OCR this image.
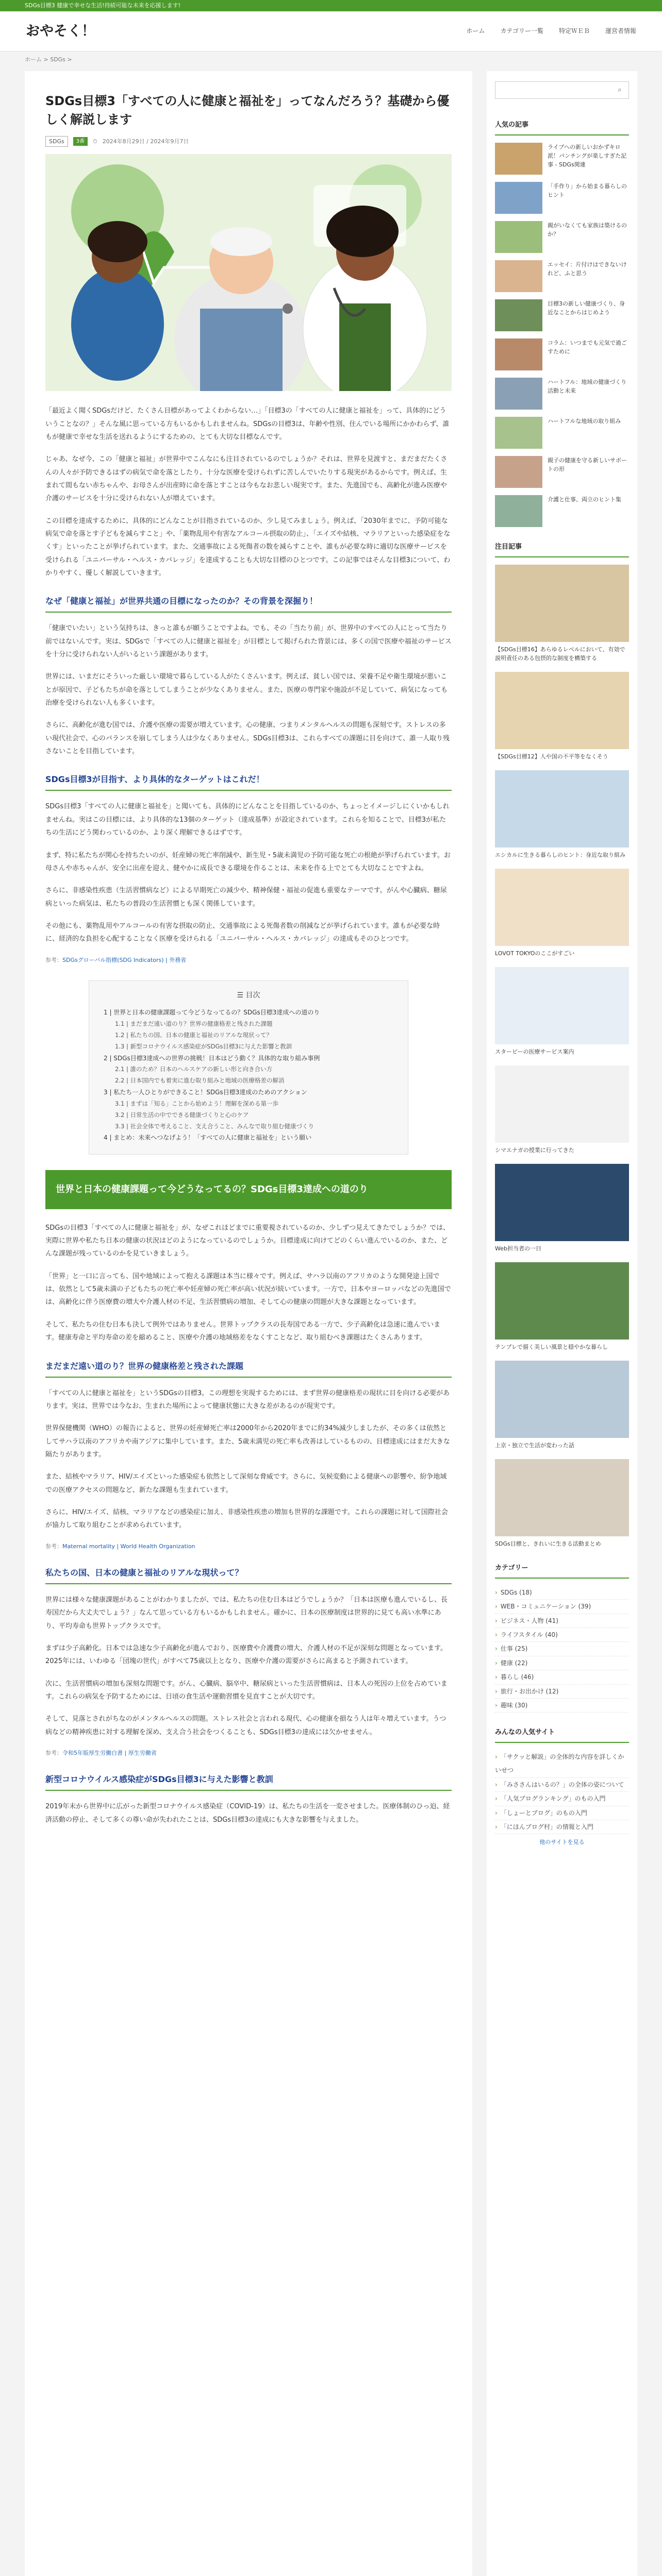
SDGs目標3 健康で幸せな生活!持続可能な未来を応援します!
おやそく！	ホーム	カテゴリー一覧	特定ＷＥＢ	運営者情報
ホーム > SDGs >
SDGs目標3「すべての人に健康と福祉を」ってなんだろう？基礎から優しく解説します
SDGs	3番	⏱ 2024年8月29日 / 2024年9月7日

「最近よく聞くSDGsだけど、たくさん目標があってよくわからない…」「目標3の「すべての人に健康と福祉を」って、具体的にどういうことなの？」そんな風に思っている方もいるかもしれませんね。SDGsの目標3は、年齢や性別、住んでいる場所にかかわらず、誰もが健康で幸せな生活を送れるようにするための、とても大切な目標なんです。

じゃあ、なぜ今、この「健康と福祉」が世界中でこんなにも注目されているのでしょうか？それは、世界を見渡すと、まだまだたくさんの人々が予防できるはずの病気で命を落としたり、十分な医療を受けられずに苦しんでいたりする現実があるからです。例えば、生まれて間もない赤ちゃんや、お母さんが出産時に命を落とすことは今もなお悲しい現実です。また、先進国でも、高齢化が進み医療や介護のサービスを十分に受けられない人が増えています。

この目標を達成するために、具体的にどんなことが目指されているのか、少し見てみましょう。例えば、「2030年までに、予防可能な病気で命を落とす子どもを減らすこと」や、「薬物乱用や有害なアルコール摂取の防止」、「エイズや結核、マラリアといった感染症をなくす」といったことが挙げられています。また、交通事故による死傷者の数を減らすことや、誰もが必要な時に適切な医療サービスを受けられる「ユニバーサル・ヘルス・カバレッジ」を達成することも大切な目標のひとつです。この記事ではそんな目標3について、わかりやすく、優しく解説していきます。

なぜ「健康と福祉」が世界共通の目標になったのか？その背景を深掘り！

「健康でいたい」という気持ちは、きっと誰もが願うことですよね。でも、その「当たり前」が、世界中のすべての人にとって当たり前ではないんです。実は、SDGsで「すべての人に健康と福祉を」が目標として掲げられた背景には、多くの国で医療や福祉のサービスを十分に受けられない人がいるという課題があります。

世界には、いまだにそういった厳しい環境で暮らしている人がたくさんいます。例えば、貧しい国では、栄養不足や衛生環境が悪いことが原因で、子どもたちが命を落としてしまうことが少なくありません。また、医療の専門家や施設が不足していて、病気になっても治療を受けられない人も多くいます。

さらに、高齢化が進む国では、介護や医療の需要が増えています。心の健康、つまりメンタルヘルスの問題も深刻です。ストレスの多い現代社会で、心のバランスを崩してしまう人は少なくありません。SDGs目標3は、これらすべての課題に目を向けて、誰一人取り残さないことを目指しています。

SDGs目標3が目指す、より具体的なターゲットはこれだ！

SDGs目標3「すべての人に健康と福祉を」と聞いても、具体的にどんなことを目指しているのか、ちょっとイメージしにくいかもしれませんね。実はこの目標には、より具体的な13個のターゲット（達成基準）が設定されています。これらを知ることで、目標3が私たちの生活にどう関わっているのか、より深く理解できるはずです。

まず、特に私たちが関心を持ちたいのが、妊産婦の死亡率削減や、新生児・5歳未満児の予防可能な死亡の根絶が挙げられています。お母さんや赤ちゃんが、安全に出産を迎え、健やかに成長できる環境を作ることは、未来を作る上でとても大切なことですよね。

さらに、非感染性疾患（生活習慣病など）による早期死亡の減少や、精神保健・福祉の促進も重要なテーマです。がんや心臓病、糖尿病といった病気は、私たちの普段の生活習慣とも深く関係しています。

その他にも、薬物乱用やアルコールの有害な摂取の防止、交通事故による死傷者数の削減などが挙げられています。誰もが必要な時に、経済的な負担を心配することなく医療を受けられる「ユニバーサル・ヘルス・カバレッジ」の達成もそのひとつです。

参考：SDGsグローバル指標(SDG Indicators) | 外務省
☰ 目次
1 | 世界と日本の健康課題って今どうなってるの？SDGs目標3達成への道のり
1.1 | まだまだ遠い道のり？世界の健康格差と残された課題
1.2 | 私たちの国、日本の健康と福祉のリアルな現状って？
1.3 | 新型コロナウイルス感染症がSDGs目標3に与えた影響と教訓
2 | SDGs目標3達成への世界の挑戦！日本はどう動く？具体的な取り組み事例
2.1 | 誰のため？日本のヘルスケアの新しい形と向き合い方
2.2 | 日本国内でも着実に進む取り組みと地域の医療格差の解消
3 | 私たち一人ひとりができること！SDGs目標3達成のためのアクション
3.1 | まずは「知る」ことから始めよう！理解を深める第一歩
3.2 | 日常生活の中でできる健康づくりと心のケア
3.3 | 社会全体で考えること、支え合うこと、みんなで取り組む健康づくり
4 | まとめ：未来へつなげよう！「すべての人に健康と福祉を」という願い
世界と日本の健康課題って今どうなってるの？SDGs目標3達成への道のり

SDGsの目標3「すべての人に健康と福祉を」が、なぜこれほどまでに重要視されているのか、少しずつ見えてきたでしょうか？では、実際に世界や私たち日本の健康の状況はどのようになっているのでしょうか。目標達成に向けてどのくらい進んでいるのか、また、どんな課題が残っているのかを見ていきましょう。

「世界」と一口に言っても、国や地域によって抱える課題は本当に様々です。例えば、サハラ以南のアフリカのような開発途上国では、依然として5歳未満の子どもたちの死亡率や妊産婦の死亡率が高い状況が続いています。一方で、日本やヨーロッパなどの先進国では、高齢化に伴う医療費の増大や介護人材の不足、生活習慣病の増加、そして心の健康の問題が大きな課題となっています。

そして、私たちの住む日本も決して例外ではありません。世界トップクラスの長寿国である一方で、少子高齢化は急速に進んでいます。健康寿命と平均寿命の差を縮めること、医療や介護の地域格差をなくすことなど、取り組むべき課題はたくさんあります。

まだまだ遠い道のり？世界の健康格差と残された課題

「すべての人に健康と福祉を」というSDGsの目標3。この理想を実現するためには、まず世界の健康格差の現状に目を向ける必要があります。実は、世界では今なお、生まれた場所によって健康状態に大きな差があるのが現実です。

世界保健機関（WHO）の報告によると、世界の妊産婦死亡率は2000年から2020年までに約34%減少しましたが、その多くは依然としてサハラ以南のアフリカや南アジアに集中しています。また、5歳未満児の死亡率も改善はしているものの、目標達成にはまだ大きな隔たりがあります。

また、結核やマラリア、HIV/エイズといった感染症も依然として深刻な脅威です。さらに、気候変動による健康への影響や、紛争地域での医療アクセスの問題など、新たな課題も生まれています。

さらに、HIV/エイズ、結核、マラリアなどの感染症に加え、非感染性疾患の増加も世界的な課題です。これらの課題に対して国際社会が協力して取り組むことが求められています。

参考：Maternal mortality | World Health Organization
私たちの国、日本の健康と福祉のリアルな現状って？

世界には様々な健康課題があることがわかりましたが、では、私たちの住む日本はどうでしょうか？「日本は医療も進んでいるし、長寿国だから大丈夫でしょう？」なんて思っている方もいるかもしれません。確かに、日本の医療制度は世界的に見ても高い水準にあり、平均寿命も世界トップクラスです。

まずは少子高齢化。日本では急速な少子高齢化が進んでおり、医療費や介護費の増大、介護人材の不足が深刻な問題となっています。2025年には、いわゆる「団塊の世代」がすべて75歳以上となり、医療や介護の需要がさらに高まると予測されています。

次に、生活習慣病の増加も深刻な問題です。がん、心臓病、脳卒中、糖尿病といった生活習慣病は、日本人の死因の上位を占めています。これらの病気を予防するためには、日頃の食生活や運動習慣を見直すことが大切です。

そして、見落とされがちなのがメンタルヘルスの問題。ストレス社会と言われる現代、心の健康を損なう人は年々増えています。うつ病などの精神疾患に対する理解を深め、支え合う社会をつくることも、SDGs目標3の達成には欠かせません。

参考：令和5年版厚生労働白書 | 厚生労働省
新型コロナウイルス感染症がSDGs目標3に与えた影響と教訓

2019年末から世界中に広がった新型コロナウイルス感染症（COVID-19）は、私たちの生活を一変させました。医療体制のひっ迫、経済活動の停止、そして多くの尊い命が失われたことは、SDGs目標3の達成にも大きな影響を与えました。

⌕
人気の記事
ライブへの新しいおかずキロ派！パンチングが楽しすぎた記事 - SDGs関連
「手作り」から始まる暮らしのヒント
親がいなくても家族は築けるのか？
エッセイ：片付けはできないけれど、ふと思う
目標3の新しい健康づくり、身近なことからはじめよう
コラム：いつまでも元気で過ごすために
ハートフル：地域の健康づくり活動と未来
ハートフルな地域の取り組み
親子の健康を守る新しいサポートの形
介護と仕事、両立のヒント集
注目記事
【SDGs目標16】あらゆるレベルにおいて、有効で説明責任のある包摂的な制度を構築する
【SDGs目標12】人や国の不平等をなくそう
エシカルに生きる暮らしのヒント：身近な取り組み
LOVOT TOKYOのここがすごい
スタービーの医療サービス案内
シマエナガの授業に行ってきた
Web担当者の一日
テンプレで描く美しい風景と穏やかな暮らし
上京・独立で生活が変わった話
SDGs目標と、きれいに生きる活動まとめ
カテゴリー
› SDGs (18)
› WEB・コミュニケーション (39)
› ビジネス・人物 (41)
› ライフスタイル (40)
› 仕事 (25)
› 健康 (22)
› 暮らし (46)
› 旅行・お出かけ (12)
› 趣味 (30)
みんなの人気サイト
› 「サクッと解説」の全体的な内容を詳しくかいせつ
› 「みささんはいるの？」の全体の姿について
› 「人気ブログランキング」のもの入門
› 「しょーとブログ」のもの入門
› 「にほんブログ村」の情報と入門
他のサイトを見る
